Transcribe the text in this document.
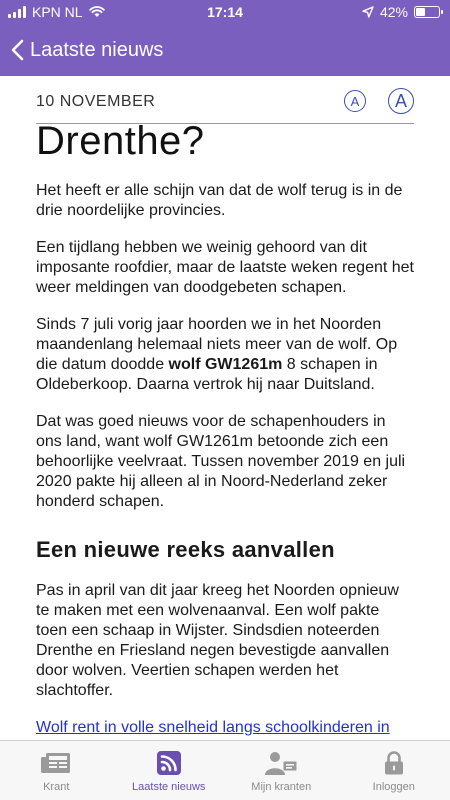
KPN NL	17:14	42%
Laatste nieuws
10 NOVEMBER	A A
Drenthe?

Het heeft er alle schijn van dat de wolf terug is in de drie noordelijke provincies.

Een tijdlang hebben we weinig gehoord van dit imposante roofdier, maar de laatste weken regent het weer meldingen van doodgebeten schapen.

Sinds 7 juli vorig jaar hoorden we in het Noorden maandenlang helemaal niets meer van de wolf. Op die datum doodde wolf GW1261m 8 schapen in Oldeberkoop. Daarna vertrok hij naar Duitsland.

Dat was goed nieuws voor de schapenhouders in ons land, want wolf GW1261m betoonde zich een behoorlijke veelvraat. Tussen november 2019 en juli 2020 pakte hij alleen al in Noord-Nederland zeker honderd schapen.

Een nieuwe reeks aanvallen

Pas in april van dit jaar kreeg het Noorden opnieuw te maken met een wolvenaanval. Een wolf pakte toen een schaap in Wijster. Sindsdien noteerden Drenthe en Friesland negen bevestigde aanvallen door wolven. Veertien schapen werden het slachtoffer.

Wolf rent in volle snelheid langs schoolkinderen in

Krant	Laatste nieuws	Mijn kranten	Inloggen
